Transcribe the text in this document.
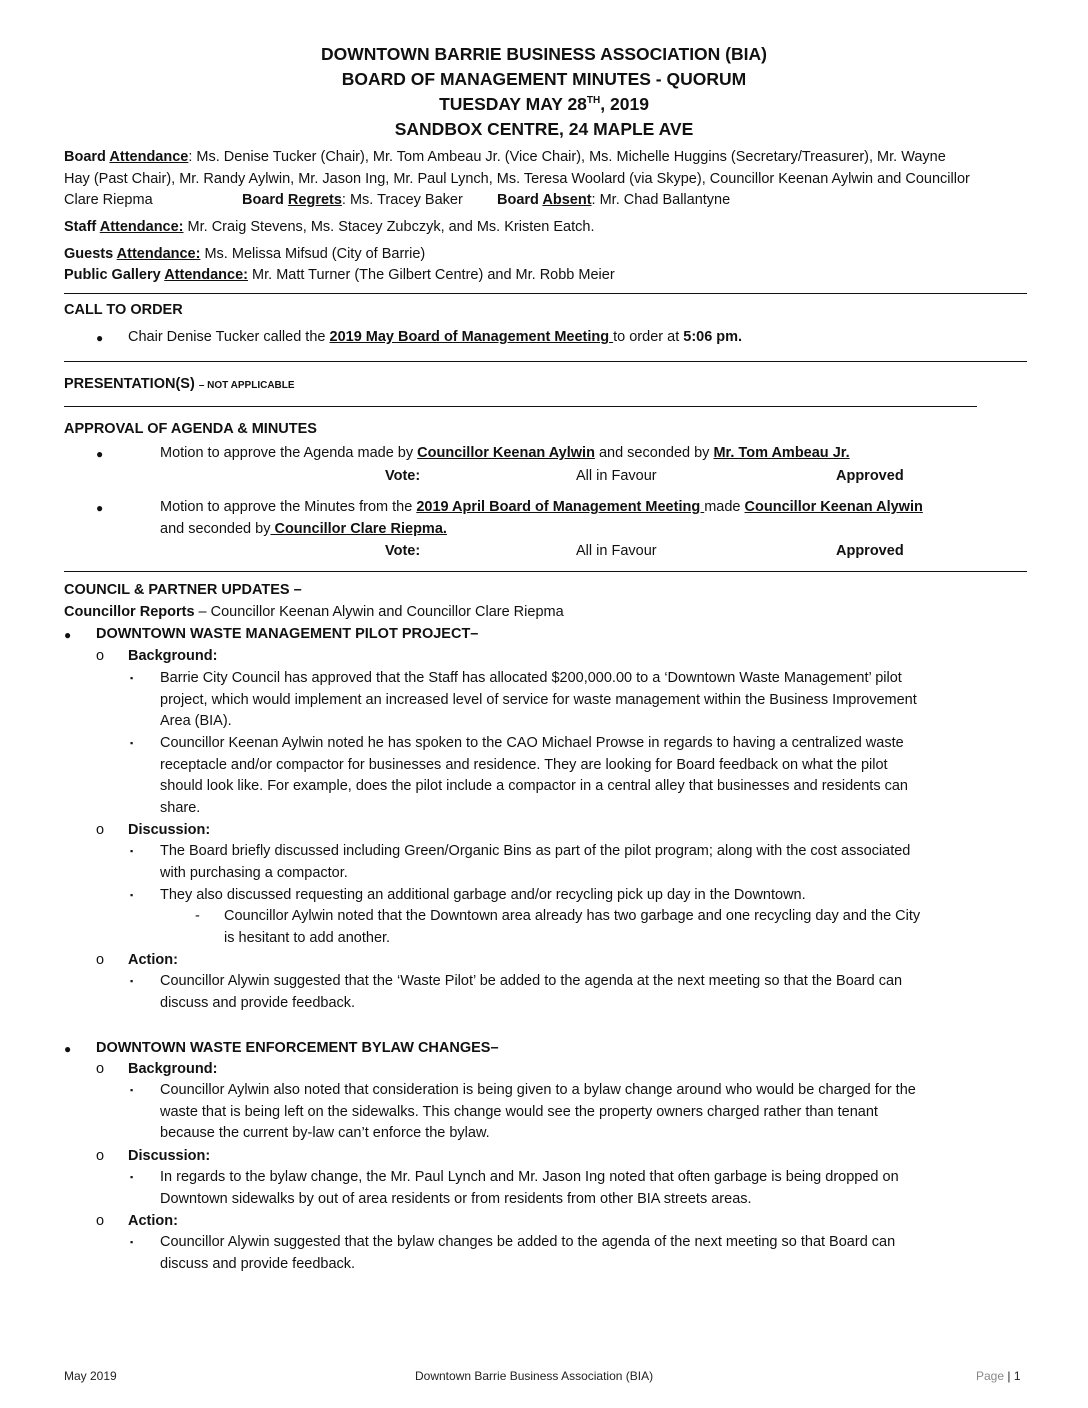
DOWNTOWN BARRIE BUSINESS ASSOCIATION (BIA)
BOARD OF MANAGEMENT MINUTES - QUORUM
TUESDAY MAY 28TH, 2019
SANDBOX CENTRE, 24 MAPLE AVE
Board Attendance: Ms. Denise Tucker (Chair), Mr. Tom Ambeau Jr. (Vice Chair), Ms. Michelle Huggins (Secretary/Treasurer), Mr. Wayne
Hay (Past Chair), Mr. Randy Aylwin, Mr. Jason Ing, Mr. Paul Lynch, Ms. Teresa Woolard (via Skype), Councillor Keenan Aylwin and Councillor
Clare Riepma	Board Regrets: Ms. Tracey Baker Board Absent: Mr. Chad Ballantyne
Staff Attendance: Mr. Craig Stevens, Ms. Stacey Zubczyk, and Ms. Kristen Eatch.
Guests Attendance: Ms. Melissa Mifsud (City of Barrie)
Public Gallery Attendance: Mr. Matt Turner (The Gilbert Centre) and Mr. Robb Meier
CALL TO ORDER
● Chair Denise Tucker called the 2019 May Board of Management Meeting to order at 5:06 pm.
PRESENTATION(S) – NOT APPLICABLE
APPROVAL OF AGENDA & MINUTES
●	Motion to approve the Agenda made by Councillor Keenan Aylwin and seconded by Mr. Tom Ambeau Jr.
Vote:	All in Favour	Approved
●	Motion to approve the Minutes from the 2019 April Board of Management Meeting made Councillor Keenan Alywin
and seconded by Councillor Clare Riepma.
Vote:	All in Favour	Approved
COUNCIL & PARTNER UPDATES –
Councillor Reports – Councillor Keenan Alywin and Councillor Clare Riepma
● DOWNTOWN WASTE MANAGEMENT PILOT PROJECT–
o Background:
▪ Barrie City Council has approved that the Staff has allocated $200,000.00 to a ‘Downtown Waste Management’ pilot
project, which would implement an increased level of service for waste management within the Business Improvement
Area (BIA).
▪ Councillor Keenan Aylwin noted he has spoken to the CAO Michael Prowse in regards to having a centralized waste
receptacle and/or compactor for businesses and residence. They are looking for Board feedback on what the pilot
should look like. For example, does the pilot include a compactor in a central alley that businesses and residents can
share.
o Discussion:
▪ The Board briefly discussed including Green/Organic Bins as part of the pilot program; along with the cost associated
with purchasing a compactor.
▪ They also discussed requesting an additional garbage and/or recycling pick up day in the Downtown.
- Councillor Aylwin noted that the Downtown area already has two garbage and one recycling day and the City
is hesitant to add another.
o Action:
▪ Councillor Alywin suggested that the ‘Waste Pilot’ be added to the agenda at the next meeting so that the Board can
discuss and provide feedback.
● DOWNTOWN WASTE ENFORCEMENT BYLAW CHANGES–
o Background:
▪ Councillor Aylwin also noted that consideration is being given to a bylaw change around who would be charged for the
waste that is being left on the sidewalks. This change would see the property owners charged rather than tenant
because the current by-law can’t enforce the bylaw.
o Discussion:
▪ In regards to the bylaw change, the Mr. Paul Lynch and Mr. Jason Ing noted that often garbage is being dropped on
Downtown sidewalks by out of area residents or from residents from other BIA streets areas.
o Action:
▪ Councillor Alywin suggested that the bylaw changes be added to the agenda of the next meeting so that Board can
discuss and provide feedback.
May 2019	Downtown Barrie Business Association (BIA)	Page | 1
